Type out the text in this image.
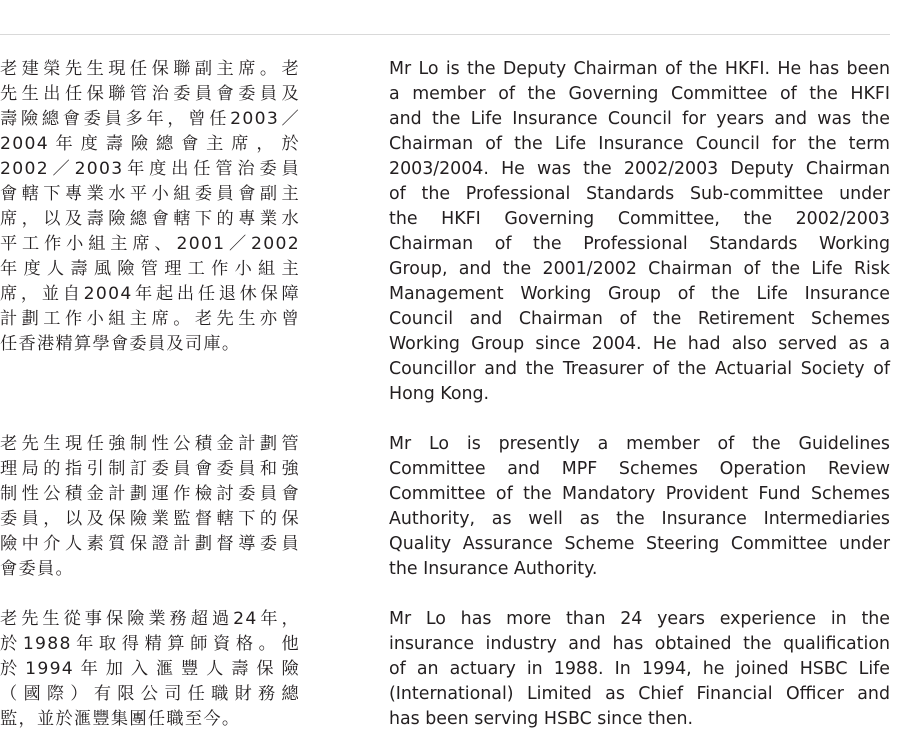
老建榮先生現任保聯副主席。老
先生出任保聯管治委員會委員及
壽險總會委員多年，曾任2003／
2004年度壽險總會主席，於
2002／2003年度出任管治委員
會轄下專業水平小組委員會副主
席，以及壽險總會轄下的專業水
平工作小組主席、2001／2002
年度人壽風險管理工作小組主
席，並自2004年起出任退休保障
計劃工作小組主席。老先生亦曾
任香港精算學會委員及司庫。
老先生現任強制性公積金計劃管
理局的指引制訂委員會委員和強
制性公積金計劃運作檢討委員會
委員，以及保險業監督轄下的保
險中介人素質保證計劃督導委員
會委員。
老先生從事保險業務超過24年，
於1988年取得精算師資格。他
於1994年加入滙豐人壽保險
（國際）有限公司任職財務總
監，並於滙豐集團任職至今。
Mr Lo is the Deputy Chairman of the HKFI. He has been
a member of the Governing Committee of the HKFI
and the Life Insurance Council for years and was the
Chairman of the Life Insurance Council for the term
2003/2004. He was the 2002/2003 Deputy Chairman
of the Professional Standards Sub-committee under
the HKFI Governing Committee, the 2002/2003
Chairman of the Professional Standards Working
Group, and the 2001/2002 Chairman of the Life Risk
Management Working Group of the Life Insurance
Council and Chairman of the Retirement Schemes
Working Group since 2004. He had also served as a
Councillor and the Treasurer of the Actuarial Society of
Hong Kong.
Mr Lo is presently a member of the Guidelines
Committee and MPF Schemes Operation Review
Committee of the Mandatory Provident Fund Schemes
Authority, as well as the Insurance Intermediaries
Quality Assurance Scheme Steering Committee under
the Insurance Authority.
Mr Lo has more than 24 years experience in the
insurance industry and has obtained the qualification
of an actuary in 1988. In 1994, he joined HSBC Life
(International) Limited as Chief Financial Officer and
has been serving HSBC since then.
